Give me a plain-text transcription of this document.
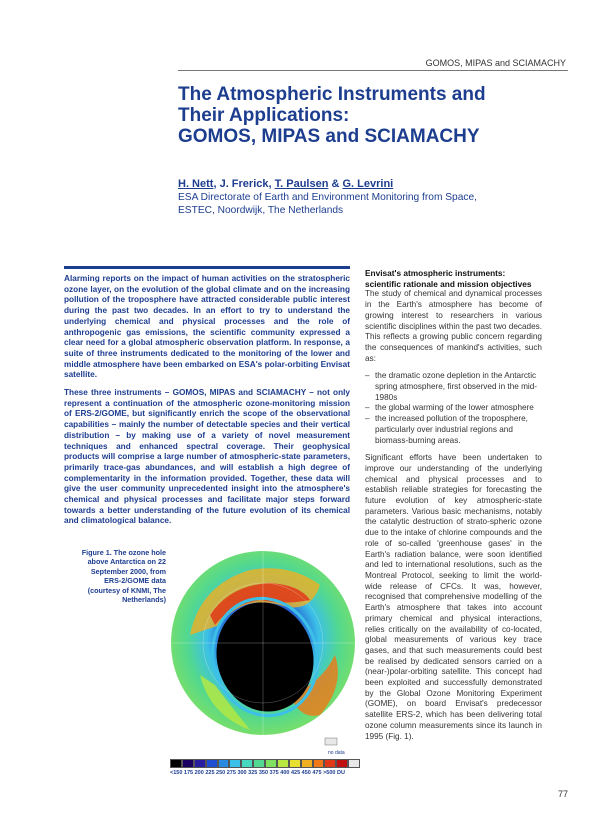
GOMOS, MIPAS and SCIAMACHY
The Atmospheric Instruments and
Their Applications:
GOMOS, MIPAS and SCIAMACHY
H. Nett, J. Frerick, T. Paulsen & G. Levrini
ESA Directorate of Earth and Environment Monitoring from Space,
ESTEC, Noordwijk, The Netherlands

Alarming reports on the impact of human activities on the stratospheric ozone layer, on the evolution of the global climate and on the increasing pollution of the troposphere have attracted considerable public interest during the past two decades. In an effort to try to understand the underlying chemical and physical processes and the role of anthropogenic gas emissions, the scientific community expressed a clear need for a global atmospheric observation platform. In response, a suite of three instruments dedicated to the monitoring of the lower and middle atmosphere have been embarked on ESA's polar-orbiting Envisat satellite.

These three instruments – GOMOS, MIPAS and SCIAMACHY – not only represent a continuation of the atmospheric ozone-monitoring mission of ERS-2/GOME, but significantly enrich the scope of the observational capabilities – mainly the number of detectable species and their vertical distribution – by making use of a variety of novel measurement techniques and enhanced spectral coverage. Their geophysical products will comprise a large number of atmospheric-state parameters, primarily trace-gas abundances, and will establish a high degree of complementarity in the information provided. Together, these data will give the user community unprecedented insight into the atmosphere's chemical and physical processes and facilitate major steps forward towards a better understanding of the future evolution of its chemical and climatological balance.

Envisat's atmospheric instruments: scientific rationale and mission objectives

The study of chemical and dynamical processes in the Earth's atmosphere has become of growing interest to researchers in various scientific disciplines within the past two decades. This reflects a growing public concern regarding the consequences of mankind's activities, such as:

– the dramatic ozone depletion in the Antarctic spring atmosphere, first observed in the mid-1980s
– the global warming of the lower atmosphere
– the increased pollution of the troposphere, particularly over industrial regions and biomass-burning areas.

Significant efforts have been undertaken to improve our understanding of the underlying chemical and physical processes and to establish reliable strategies for forecasting the future evolution of key atmospheric-state parameters. Various basic mechanisms, notably the catalytic destruction of strato-spheric ozone due to the intake of chlorine compounds and the role of so-called 'greenhouse gases' in the Earth's radiation balance, were soon identified and led to international resolutions, such as the Montreal Protocol, seeking to limit the world-wide release of CFCs. It was, however, recognised that comprehensive modelling of the Earth's atmosphere that takes into account primary chemical and physical interactions, relies critically on the availability of co-located, global measurements of various key trace gases, and that such measurements could best be realised by dedicated sensors carried on a (near-)polar-orbiting satellite. This concept had been exploited and successfully demonstrated by the Global Ozone Monitoring Experiment (GOME), on board Envisat's predecessor satellite ERS-2, which has been delivering total ozone column measurements since its launch in 1995 (Fig. 1).

Figure 1. The ozone hole above Antarctica on 22 September 2000, from ERS-2/GOME data (courtesy of KNMI, The Netherlands)
no data
<150 175 200 225 250 275 300 325 350 375 400 425 450 475 >500 DU
77
